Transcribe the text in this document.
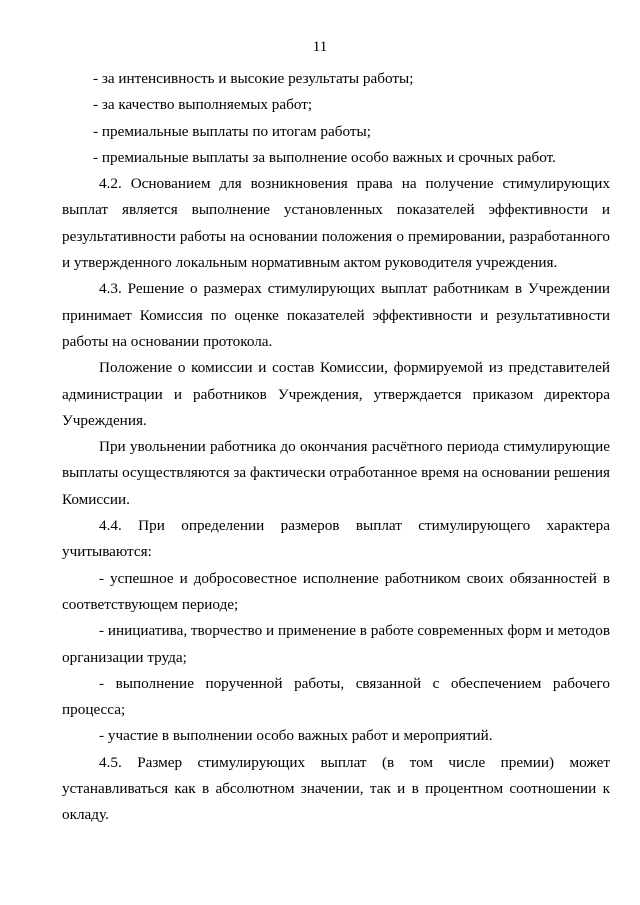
11

- за интенсивность и высокие результаты работы;

- за качество выполняемых работ;

- премиальные выплаты по итогам работы;

- премиальные выплаты за выполнение особо важных и срочных работ.

4.2. Основанием для возникновения права на получение стимулирующих выплат является выполнение установленных показателей эффективности и результативности работы на основании положения о премировании, разработанного и утвержденного локальным нормативным актом руководителя учреждения.

4.3. Решение о размерах стимулирующих выплат работникам в Учреждении принимает Комиссия по оценке показателей эффективности и результативности работы на основании протокола.

Положение о комиссии и состав Комиссии, формируемой из представителей администрации и работников Учреждения, утверждается приказом директора Учреждения.

При увольнении работника до окончания расчётного периода стимулирующие выплаты осуществляются за фактически отработанное время на основании решения Комиссии.

4.4. При определении размеров выплат стимулирующего характера учитываются:

- успешное и добросовестное исполнение работником своих обязанностей в соответствующем периоде;

- инициатива, творчество и применение в работе современных форм и методов организации труда;

- выполнение порученной работы, связанной с обеспечением рабочего процесса;

- участие в выполнении особо важных работ и мероприятий.

4.5. Размер стимулирующих выплат (в том числе премии) может устанавливаться как в абсолютном значении, так и в процентном соотношении к окладу.
